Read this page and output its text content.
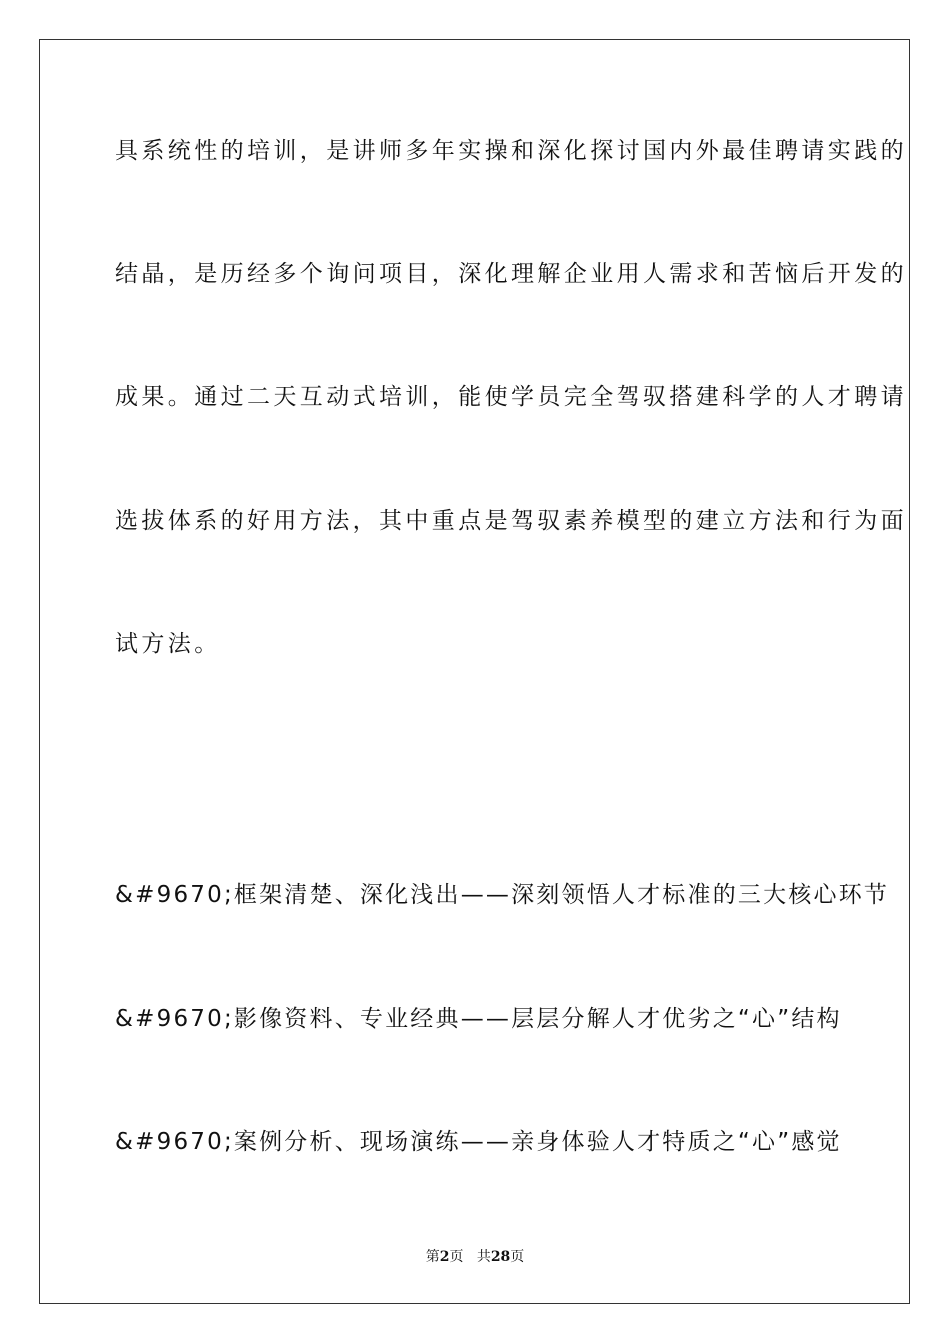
具系统性的培训，是讲师多年实操和深化探讨国内外最佳聘请实践的
结晶，是历经多个询问项目，深化理解企业用人需求和苦恼后开发的
成果。通过二天互动式培训，能使学员完全驾驭搭建科学的人才聘请
选拔体系的好用方法，其中重点是驾驭素养模型的建立方法和行为面
试方法。
&#9670;框架清楚、深化浅出——深刻领悟人才标准的三大核心环节
&#9670;影像资料、专业经典——层层分解人才优劣之“心”结构
&#9670;案例分析、现场演练——亲身体验人才特质之“心”感觉
第2页 共28页
